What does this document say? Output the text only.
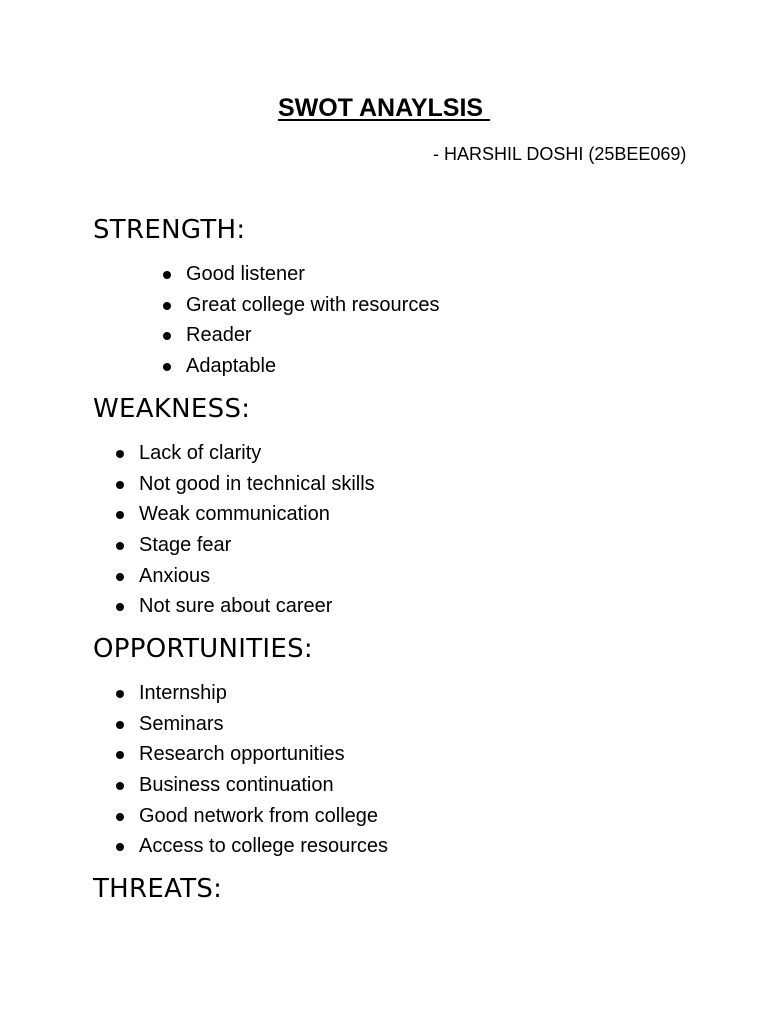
SWOT ANAYLSIS
- HARSHIL DOSHI (25BEE069)
STRENGTH:
Good listener
Great college with resources
Reader
Adaptable
WEAKNESS:
Lack of clarity
Not good in technical skills
Weak communication
Stage fear
Anxious
Not sure about career
OPPORTUNITIES:
Internship
Seminars
Research opportunities
Business continuation
Good network from college
Access to college resources
THREATS:
